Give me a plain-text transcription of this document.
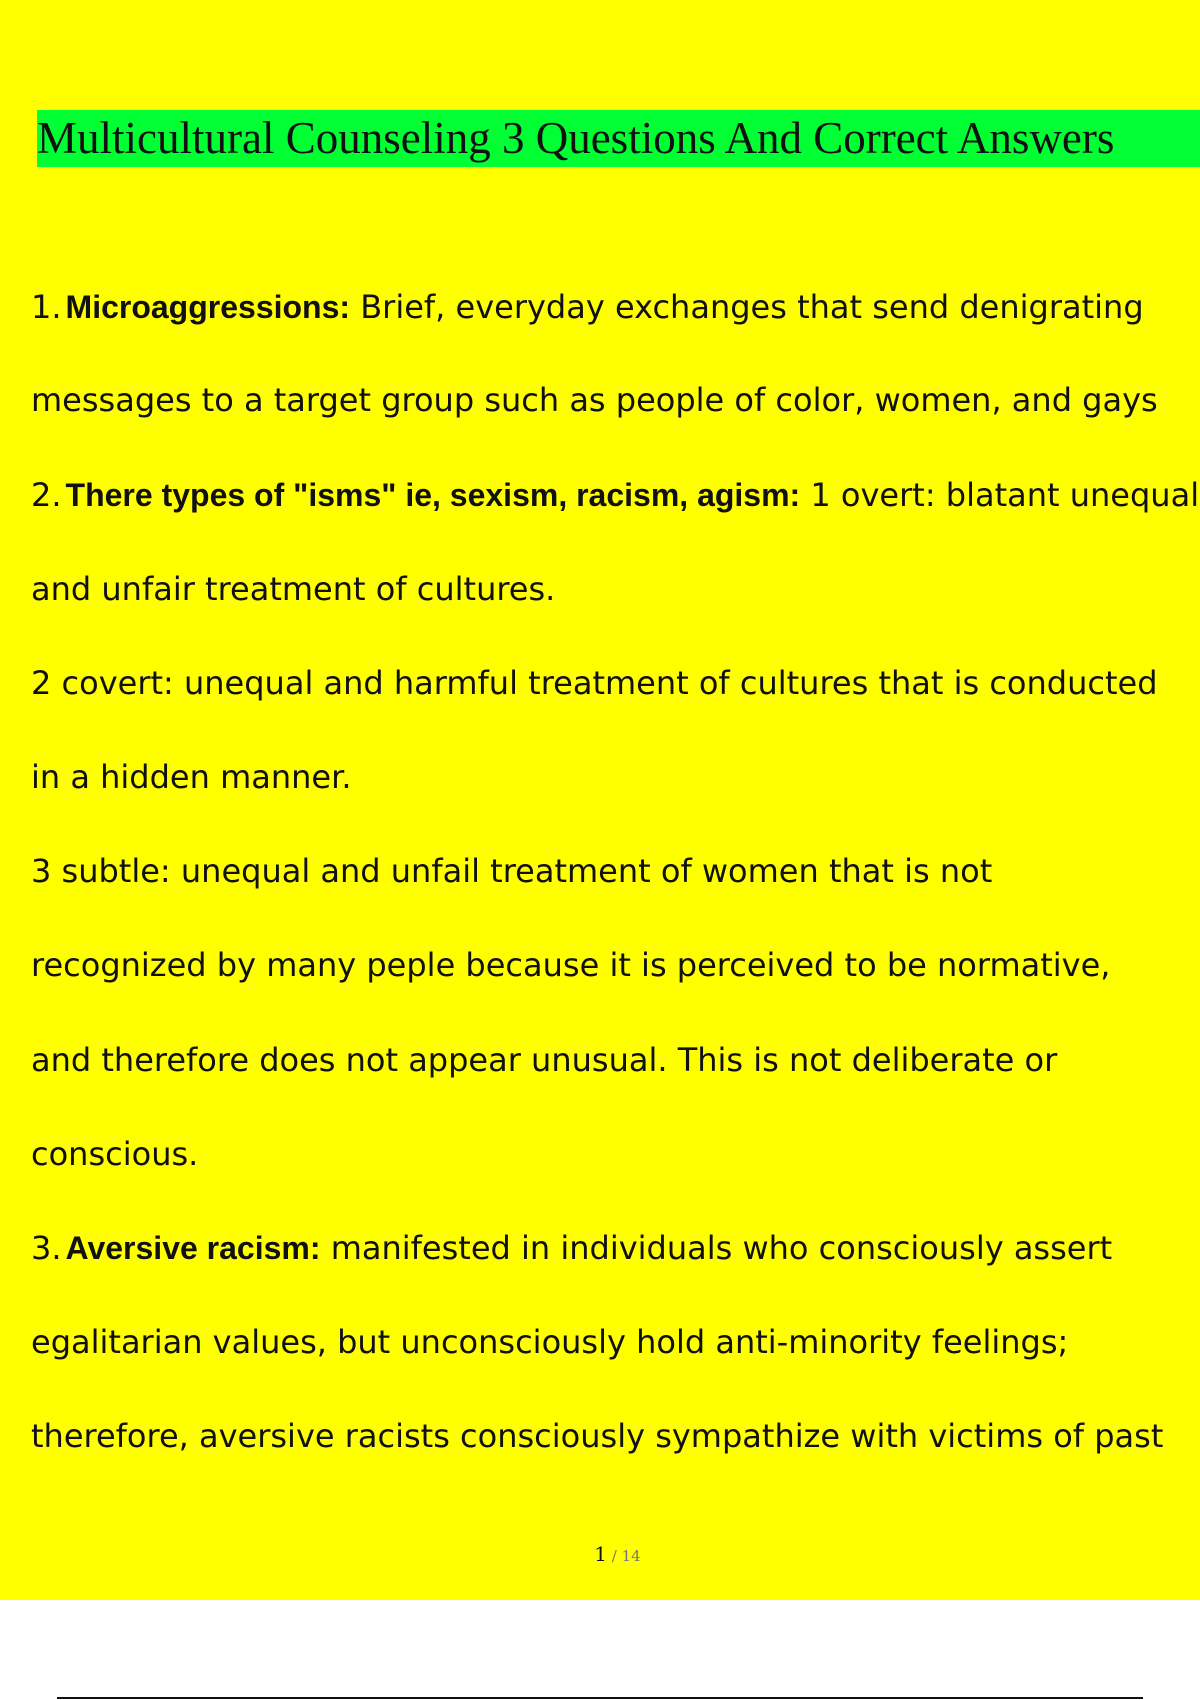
Multicultural Counseling 3 Questions And Correct Answers
1. Microaggressions: Brief, everyday exchanges that send denigrating
messages to a target group such as people of color, women, and gays
2. There types of "isms" ie, sexism, racism, agism: 1 overt: blatant unequal
and unfair treatment of cultures.
2 covert: unequal and harmful treatment of cultures that is conducted
in a hidden manner.
3 subtle: unequal and unfail treatment of women that is not
recognized by many peple because it is perceived to be normative,
and therefore does not appear unusual. This is not deliberate or
conscious.
3. Aversive racism: manifested in individuals who consciously assert
egalitarian values, but unconsciously hold anti-minority feelings;
therefore, aversive racists consciously sympathize with victims of past
1 / 14
